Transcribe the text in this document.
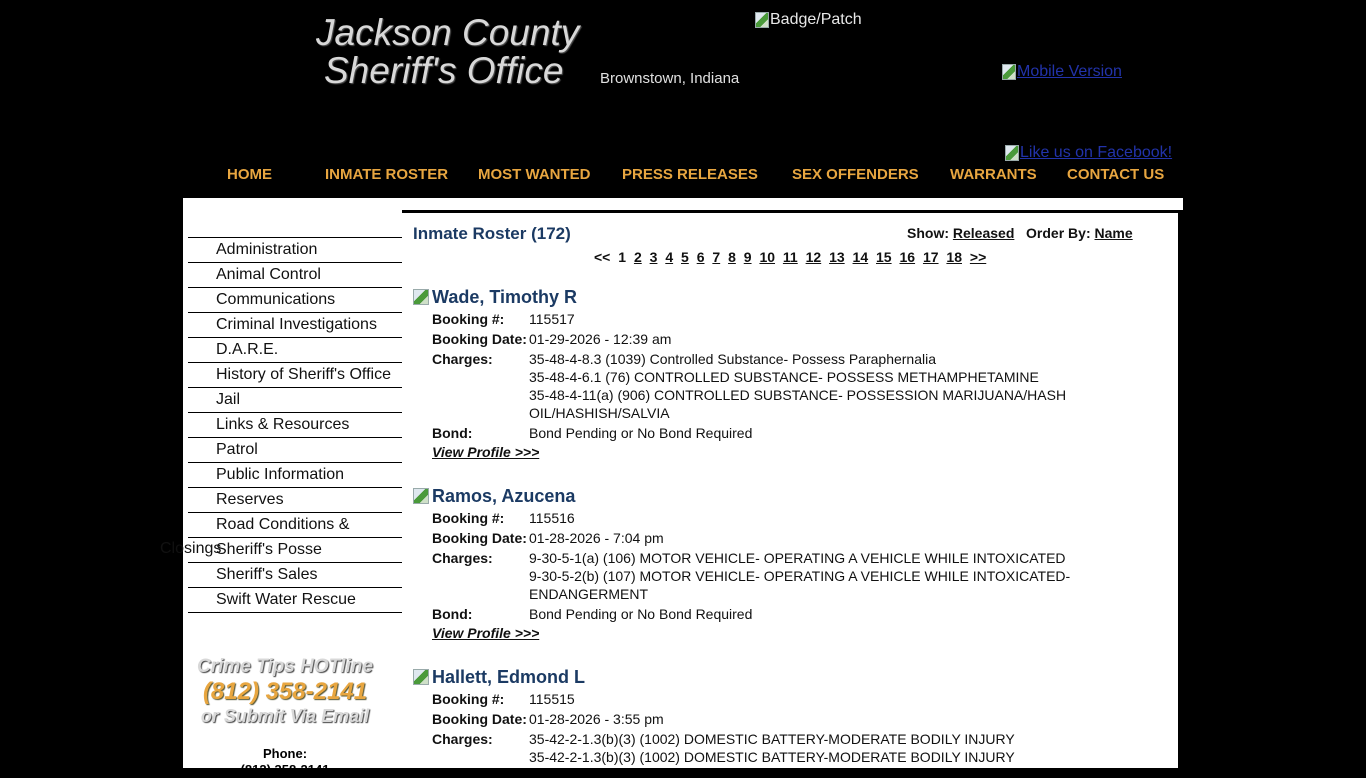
Jackson County
Sheriff's Office	Brownstown, Indiana
Badge/Patch
Mobile Version
Like us on Facebook!
HOME	INMATE ROSTER MOST WANTED PRESS RELEASES SEX OFFENDERS WARRANTS CONTACT US
Administration
Animal Control
Communications
Criminal Investigations
D.A.R.E.
History of Sheriff's Office
Jail
Links & Resources
Patrol
Public Information
Reserves
Road Conditions &
Closings
Sheriff's Posse
Sheriff's Sales
Swift Water Rescue
Crime Tips HOTline
(812) 358-2141
or Submit Via Email
Phone:
(812) 358-2141
Inmate Roster (172)	Show: Released Order By: Name
<< 1 2 3 4 5 6 7 8 9 10 11 12 13 14 15 16 17 18 >>
Wade, Timothy R
Booking #:	115517
Booking Date:	01-29-2026 - 12:39 am
Charges:	35-48-4-8.3 (1039) Controlled Substance- Possess Paraphernalia
35-48-4-6.1 (76) CONTROLLED SUBSTANCE- POSSESS METHAMPHETAMINE
35-48-4-11(a) (906) CONTROLLED SUBSTANCE- POSSESSION MARIJUANA/HASH OIL/HASHISH/SALVIA

Bond:	Bond Pending or No Bond Required
View Profile >>>
Ramos, Azucena
Booking #:	115516
Booking Date:	01-28-2026 - 7:04 pm
Charges:	9-30-5-1(a) (106) MOTOR VEHICLE- OPERATING A VEHICLE WHILE INTOXICATED
9-30-5-2(b) (107) MOTOR VEHICLE- OPERATING A VEHICLE WHILE INTOXICATED- ENDANGERMENT

Bond:	Bond Pending or No Bond Required
View Profile >>>
Hallett, Edmond L
Booking #:	115515
Booking Date:	01-28-2026 - 3:55 pm
Charges:	35-42-2-1.3(b)(3) (1002) DOMESTIC BATTERY-MODERATE BODILY INJURY
35-42-2-1.3(b)(3) (1002) DOMESTIC BATTERY-MODERATE BODILY INJURY
